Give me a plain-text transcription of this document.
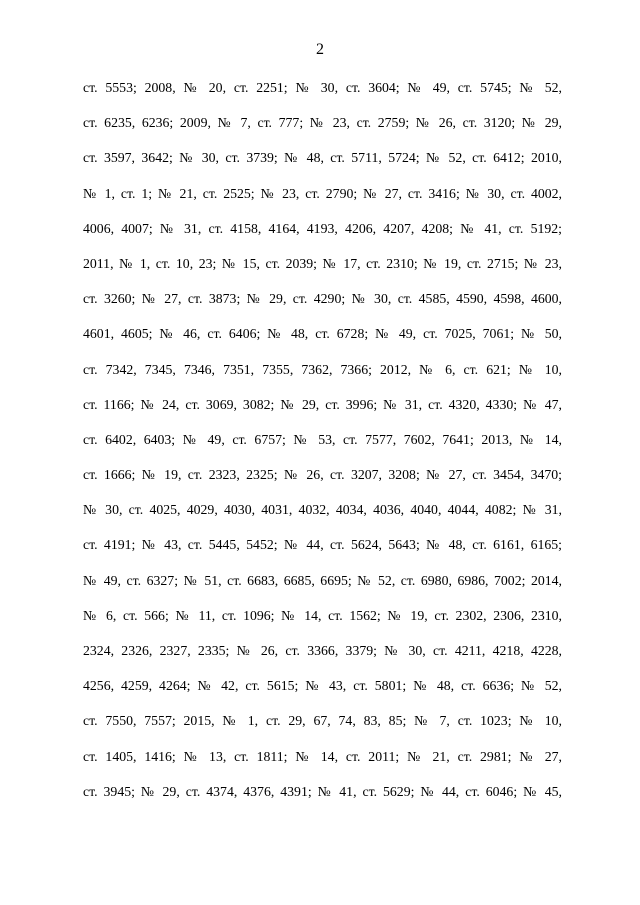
2
ст. 5553; 2008, № 20, ст. 2251; № 30, ст. 3604; № 49, ст. 5745; № 52,
ст. 6235, 6236; 2009, № 7, ст. 777; № 23, ст. 2759; № 26, ст. 3120; № 29,
ст. 3597, 3642; № 30, ст. 3739; № 48, ст. 5711, 5724; № 52, ст. 6412; 2010,
№ 1, ст. 1; № 21, ст. 2525; № 23, ст. 2790; № 27, ст. 3416; № 30, ст. 4002,
4006, 4007; № 31, ст. 4158, 4164, 4193, 4206, 4207, 4208; № 41, ст. 5192;
2011, № 1, ст. 10, 23; № 15, ст. 2039; № 17, ст. 2310; № 19, ст. 2715; № 23,
ст. 3260; № 27, ст. 3873; № 29, ст. 4290; № 30, ст. 4585, 4590, 4598, 4600,
4601, 4605; № 46, ст. 6406; № 48, ст. 6728; № 49, ст. 7025, 7061; № 50,
ст. 7342, 7345, 7346, 7351, 7355, 7362, 7366; 2012, № 6, ст. 621; № 10,
ст. 1166; № 24, ст. 3069, 3082; № 29, ст. 3996; № 31, ст. 4320, 4330; № 47,
ст. 6402, 6403; № 49, ст. 6757; № 53, ст. 7577, 7602, 7641; 2013, № 14,
ст. 1666; № 19, ст. 2323, 2325; № 26, ст. 3207, 3208; № 27, ст. 3454, 3470;
№ 30, ст. 4025, 4029, 4030, 4031, 4032, 4034, 4036, 4040, 4044, 4082; № 31,
ст. 4191; № 43, ст. 5445, 5452; № 44, ст. 5624, 5643; № 48, ст. 6161, 6165;
№ 49, ст. 6327; № 51, ст. 6683, 6685, 6695; № 52, ст. 6980, 6986, 7002; 2014,
№ 6, ст. 566; № 11, ст. 1096; № 14, ст. 1562; № 19, ст. 2302, 2306, 2310,
2324, 2326, 2327, 2335; № 26, ст. 3366, 3379; № 30, ст. 4211, 4218, 4228,
4256, 4259, 4264; № 42, ст. 5615; № 43, ст. 5801; № 48, ст. 6636; № 52,
ст. 7550, 7557; 2015, № 1, ст. 29, 67, 74, 83, 85; № 7, ст. 1023; № 10,
ст. 1405, 1416; № 13, ст. 1811; № 14, ст. 2011; № 21, ст. 2981; № 27,
ст. 3945; № 29, ст. 4374, 4376, 4391; № 41, ст. 5629; № 44, ст. 6046; № 45,
